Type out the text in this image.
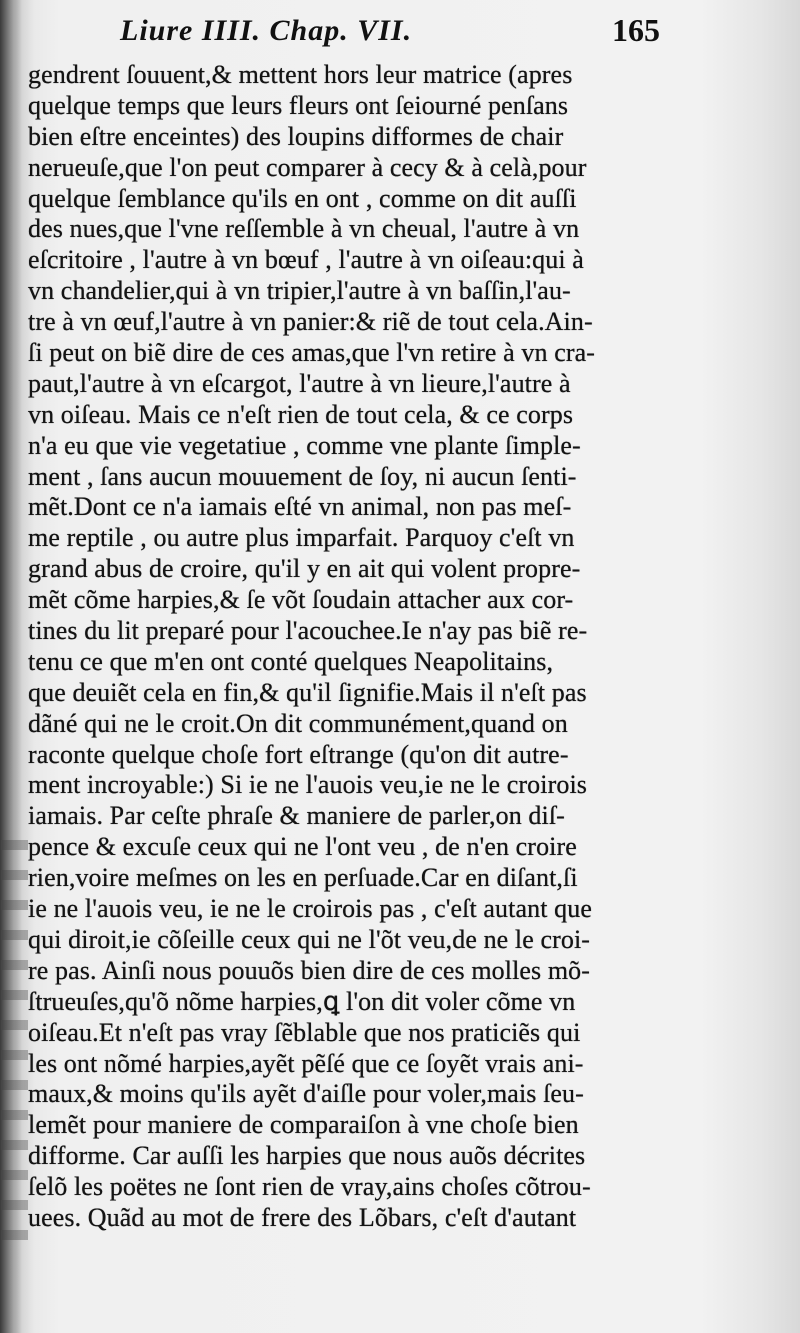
Liure IIII. Chap. VII.	165
gendrent ſouuent,& mettent hors leur matrice (apres
quelque temps que leurs fleurs ont ſeiourné penſans
bien eſtre enceintes) des loupins difformes de chair
nerueuſe,que l'on peut comparer à cecy & à celà,pour
quelque ſemblance qu'ils en ont , comme on dit auſſi
des nues,que l'vne reſſemble à vn cheual, l'autre à vn
eſcritoire , l'autre à vn bœuf , l'autre à vn oiſeau:qui à
vn chandelier,qui à vn tripier,l'autre à vn baſſin,l'au-
tre à vn œuf,l'autre à vn panier:& riẽ de tout cela.Ain-
ſi peut on biẽ dire de ces amas,que l'vn retire à vn cra-
paut,l'autre à vn eſcargot, l'autre à vn lieure,l'autre à
vn oiſeau. Mais ce n'eſt rien de tout cela, & ce corps
n'a eu que vie vegetatiue , comme vne plante ſimple-
ment , ſans aucun mouuement de ſoy, ni aucun ſenti-
mẽt.Dont ce n'a iamais eſté vn animal, non pas meſ-
me reptile , ou autre plus imparfait. Parquoy c'eſt vn
grand abus de croire, qu'il y en ait qui volent propre-
mẽt cõme harpies,& ſe võt ſoudain attacher aux cor-
tines du lit preparé pour l'acouchee.Ie n'ay pas biẽ re-
tenu ce que m'en ont conté quelques Neapolitains,
que deuiẽt cela en fin,& qu'il ſignifie.Mais il n'eſt pas
dãné qui ne le croit.On dit communément,quand on
raconte quelque choſe fort eſtrange (qu'on dit autre-
ment incroyable:) Si ie ne l'auois veu,ie ne le croirois
iamais. Par ceſte phraſe & maniere de parler,on diſ-
pence & excuſe ceux qui ne l'ont veu , de n'en croire
rien,voire meſmes on les en perſuade.Car en diſant,ſi
ie ne l'auois veu, ie ne le croirois pas , c'eſt autant que
qui diroit,ie cõſeille ceux qui ne l'õt veu,de ne le croi-
re pas. Ainſi nous pouuõs bien dire de ces molles mõ-
ſtrueuſes,qu'õ nõme harpies,ꝗ l'on dit voler cõme vn
oiſeau.Et n'eſt pas vray ſẽblable que nos praticiẽs qui
les ont nõmé harpies,ayẽt pẽſé que ce ſoyẽt vrais ani-
maux,& moins qu'ils ayẽt d'aiſle pour voler,mais ſeu-
lemẽt pour maniere de comparaiſon à vne choſe bien
difforme. Car auſſi les harpies que nous auõs décrites
ſelõ les poëtes ne ſont rien de vray,ains choſes cõtrou-
uees. Quãd au mot de frere des Lõbars, c'eſt d'autant
